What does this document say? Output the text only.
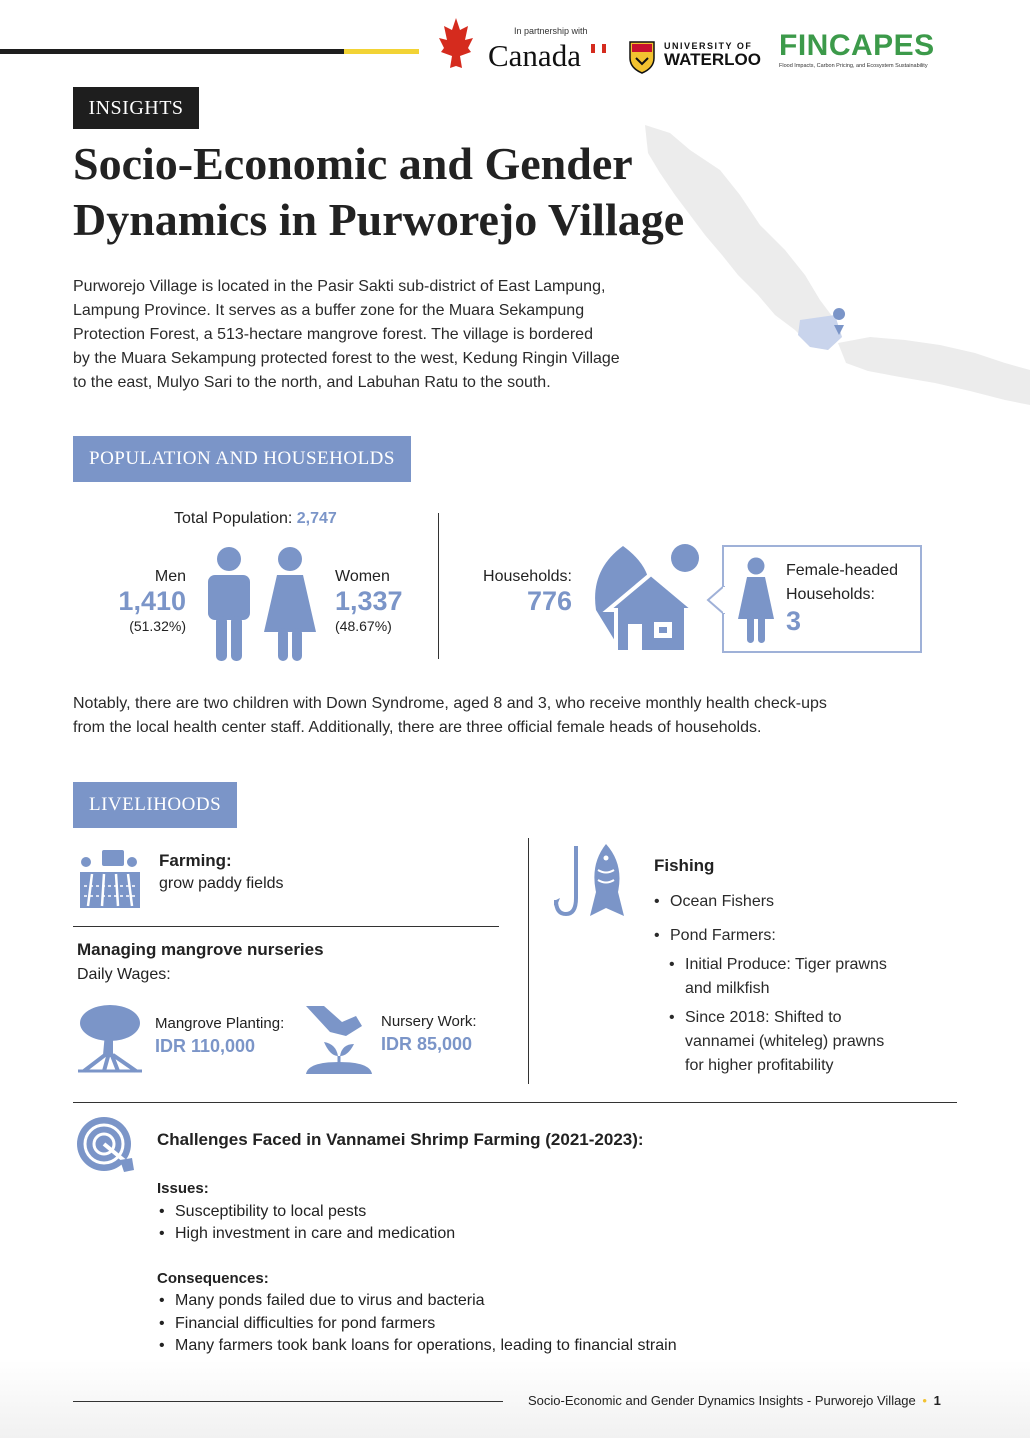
In partnership with
Canada	UNIVERSITY OF
WATERLOO FINCAPES
Flood Impacts, Carbon Pricing, and Ecosystem Sustainability
INSIGHTS
Socio-Economic and Gender
Dynamics in Purworejo Village
Purworejo Village is located in the Pasir Sakti sub-district of East Lampung,
Lampung Province. It serves as a buffer zone for the Muara Sekampung
Protection Forest, a 513-hectare mangrove forest. The village is bordered
by the Muara Sekampung protected forest to the west, Kedung Ringin Village
to the east, Mulyo Sari to the north, and Labuhan Ratu to the south.
POPULATION AND HOUSEHOLDS
Total Population: 2,747
Men
1,410
(51.32%)
Women
1,337
(48.67%)
Households:
776
Female-headed
Households:
3
Notably, there are two children with Down Syndrome, aged 8 and 3, who receive monthly health check-ups
from the local health center staff. Additionally, there are three official female heads of households.
LIVELIHOODS
Farming:
grow paddy fields
Managing mangrove nurseries
Daily Wages:
Mangrove Planting:
IDR 110,000
Nursery Work:
IDR 85,000
Fishing
• Ocean Fishers
• Pond Farmers:
• Initial Produce: Tiger prawns
and milkfish
• Since 2018: Shifted to
vannamei (whiteleg) prawns
for higher profitability
Challenges Faced in Vannamei Shrimp Farming (2021-2023):
Issues:
• Susceptibility to local pests
• High investment in care and medication
Consequences:
• Many ponds failed due to virus and bacteria
• Financial difficulties for pond farmers
• Many farmers took bank loans for operations, leading to financial strain
Socio-Economic and Gender Dynamics Insights - Purworejo Village • 1
